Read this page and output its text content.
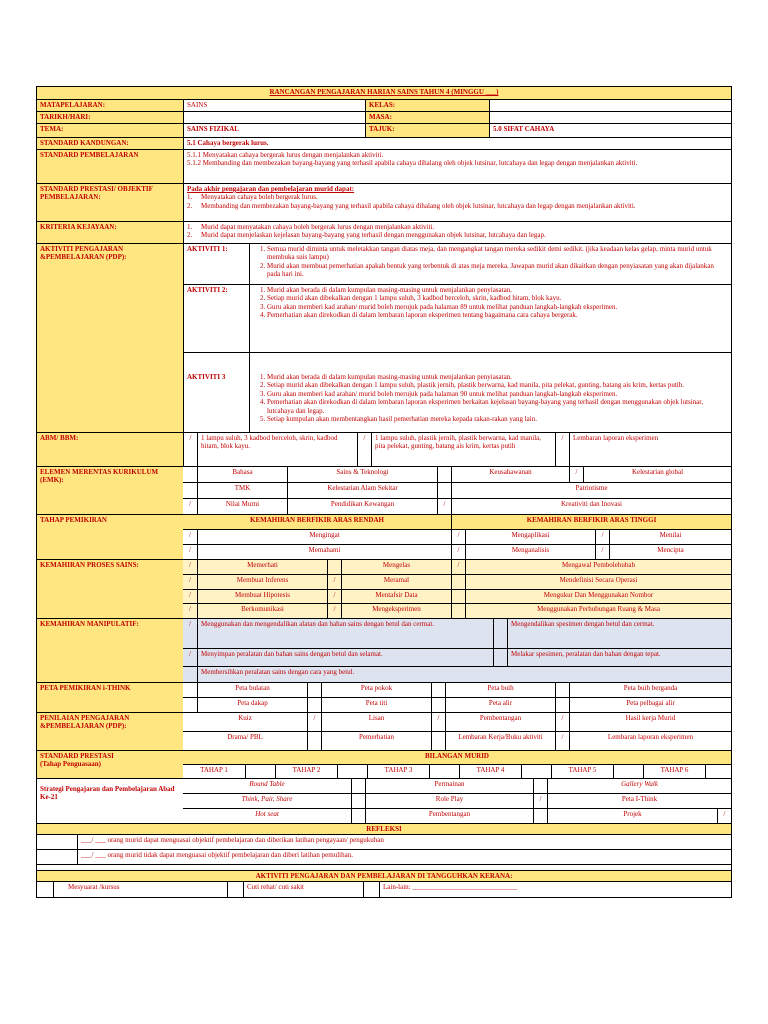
RANCANGAN PENGAJARAN HARIAN SAINS TAHUN 4 (MINGGU ___)
MATAPELAJARAN:	SAINS	KELAS:
TARIKH/HARI:	MASA:
TEMA:	SAINS FIZIKAL	TAJUK:	5.0 SIFAT CAHAYA
STANDARD KANDUNGAN:	5.1 Cahaya bergerak lurus.
STANDARD PEMBELAJARAN	5.1.1 Menyatakan cahaya bergerak lurus dengan menjalankan aktiviti.
5.1.2 Membanding dan membezakan bayang-bayang yang terhasil apabila cahaya dihalang oleh objek lutsinar, lutcahaya dan legap dengan menjalankan aktiviti.
STANDARD PRESTASI/ OBJEKTIF PEMBELAJARAN:
Pada akhir pengajaran dan pembelajaran murid dapat:
1.	Menyatakan cahaya boleh bergerak lurus.
2.	Membanding dan membezakan bayang-bayang yang terhasil apabila cahaya dihalang oleh objek lutsinar, lutcahaya dan legap dengan menjalankan aktiviti.
KRITERIA KEJAYAAN:	1.	Murid dapat menyatakan cahaya boleh bergerak lurus dengan menjalankan aktiviti.
2.	Murid dapat menjelaskan kejelasan bayang-bayang yang terhasil dengan menggunakan objek lutsinar, lutcahaya dan legap.
AKTIVITI PENGAJARAN &PEMBELAJARAN (PDP):
AKTIVITI 1:	1. Semua murid diminta untuk meletakkan tangan diatas meja, dan mengangkat tangan mereka sedikit demi sedikit. (jika keadaan kelas gelap, minta murid untuk membuka suis lampu)
2. Murid akan membuat pemerhatian apakah bentuk yang terbentuk di atas meja mereka. Jawapan murid akan dikaitkan dengan penyiasatan yang akan dijalankan pada hari ini.
AKTIVITI 2:	1. Murid akan berada di dalam kumpulan masing-masing untuk menjalankan penyiasatan.
2. Setiap murid akan dibekalkan dengan 1 lampu suluh, 3 kadbod berceloh, skrin, kadbod hitam, blok kayu.
3. Guru akan memberi kad arahan/ murid boleh merujuk pada halaman 89 untuk melihat panduan langkah-langkah eksperimen.
4. Pemerhatian akan direkodkan di dalam lembaran laporan eksperimen tentang bagaimana cara cahaya bergerak.
AKTIVITI 3	1. Murid akan berada di dalam kumpulan masing-masing untuk menjalankan penyiasatan.
2. Setiap murid akan dibekalkan dengan 1 lampu suluh, plastik jernih, plastik berwarna, kad manila, pita pelekat, gunting, batang ais krim, kertas putih.
3. Guru akan memberi kad arahan/ murid boleh merujuk pada halaman 90 untuk melihat panduan langkah-langkah eksperimen.
4. Pemerhatian akan direkodkan di dalam lembaran laporan eksperimen berkaitan kejelasan bayang-bayang yang terhasil dengan menggunakan objek lutsinar, lutcahaya dan legap.
5. Setiap kumpulan akan membentangkan hasil pemerhatian mereka kepada rakan-rakan yang lain.
ABM/ BBM:	/	1 lampu suluh, 3 kadbod berceloh, skrin, kadbod hitam, blok kayu.
/	1 lampu suluh, plastik jernih, plastik berwarna, kad manila, pita pelekat, gunting, batang ais krim, kertas putih
/	Lembaran laporan eksperimen
ELEMEN MERENTAS KURIKULUM (EMK):
Bahasa	Sains & Teknologi	Keusahawanan	/	Kelestarian global
TMK	Kelestarian Alam Sekitar	Patriotisme
/	Nilai Murni	Pendidikan Kewangan	/	Kreativiti dan Inovasi
TAHAP PEMIKIRAN	KEMAHIRAN BERFIKIR ARAS RENDAH	KEMAHIRAN BERFIKIR ARAS TINGGI
/	Mengingat	/	Mengaplikasi	/	Menilai
/	Memahami	/	Menganalisis	/	Mencipta
KEMAHIRAN PROSES SAINS:	/	Memerhati	Mengelas	/	Mengawal Pembolehubah
/	Membuat Inferens	/	Meramal	Mendefinisi Secara Operasi
/	Membuat Hipotesis	/	Mentafsir Data	Mengukur Dan Menggunakan Nombor
/	Berkomunikasi	/	Mengeksperimen	Menggunakan Perhubungan Ruang & Masa
KEMAHIRAN MANIPULATIF:	/	Menggunakan dan mengendalikan alatan dan bahan sains dengan betul dan cermat.	Mengendalikan spesimen dengan betul dan cermat.
/	Menyimpan peralatan dan bahan sains dengan betul dan selamat.	Melakar spesimen, peralatan dan bahan dengan tepat.
Membersihkan peralatan sains dengan cara yang betul.
PETA PEMIKIRAN i-THINK	Peta bulatan	Peta pokok	Peta buih	Peta buih berganda
Peta dakap	Peta titi	Peta alir	Peta pelbagai alir
PENILAIAN PENGAJARAN &PEMBELAJARAN (PDP):
Kuiz	/	Lisan	/	Pembentangan	/	Hasil kerja Murid
Drama/ PBL	Pemerhatian	Lembaran Kerja/Buku aktiviti	/	Lembaran laporan eksperimen
STANDARD PRESTASI
(Tahap Penguasaan)
BILANGAN MURID
TAHAP 1	TAHAP 2	TAHAP 3	TAHAP 4	TAHAP 5	TAHAP 6
Strategi Pengajaran dan Pembelajaran Abad Ke-21
Round Table	Permainan	Gallery Walk
Think, Pair, Share	Role Play	/	Peta I-Think
Hot seat	Pembentangan	Projek	/
REFLEKSI
___/ ___ orang murid dapat menguasai objektif pembelajaran dan diberikan latihan pengayaan/ pengukuhan
___/ ___ orang murid tidak dapat menguasai objektif pembelajaran dan diberi latihan pemulihan.
AKTIVITI PENGAJARAN DAN PEMBELAJARAN DI TANGGUHKAN KERANA:
Mesyuarat /kursus	Cuti rehat/ cuti sakit	Lain-lain: ______________________________
